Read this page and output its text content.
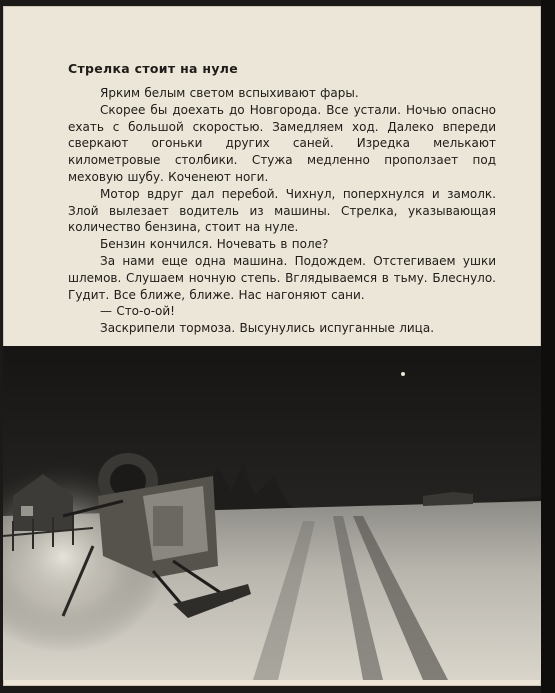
Стрелка стоит на нуле

Ярким белым светом вспыхивают фары.

Скорее бы доехать до Новгорода. Все устали. Ночью опасно ехать с большой скоростью. Замедляем ход. Далеко впереди сверкают огоньки других саней. Изредка мелькают километровые столбики. Стужа медленно проползает под меховую шубу. Коченеют ноги.

Мотор вдруг дал перебой. Чихнул, поперхнулся и замолк. Злой вылезает водитель из машины. Стрелка, указывающая количество бензина, стоит на нуле.

Бензин кончился. Ночевать в поле?

За нами еще одна машина. Подождем. Отстегиваем ушки шлемов. Слушаем ночную степь. Вглядываемся в тьму. Блеснуло. Гудит. Все ближе, ближе. Нас нагоняют сани.

— Сто-о-ой!

Заскрипели тормоза. Высунулись испуганные лица.
